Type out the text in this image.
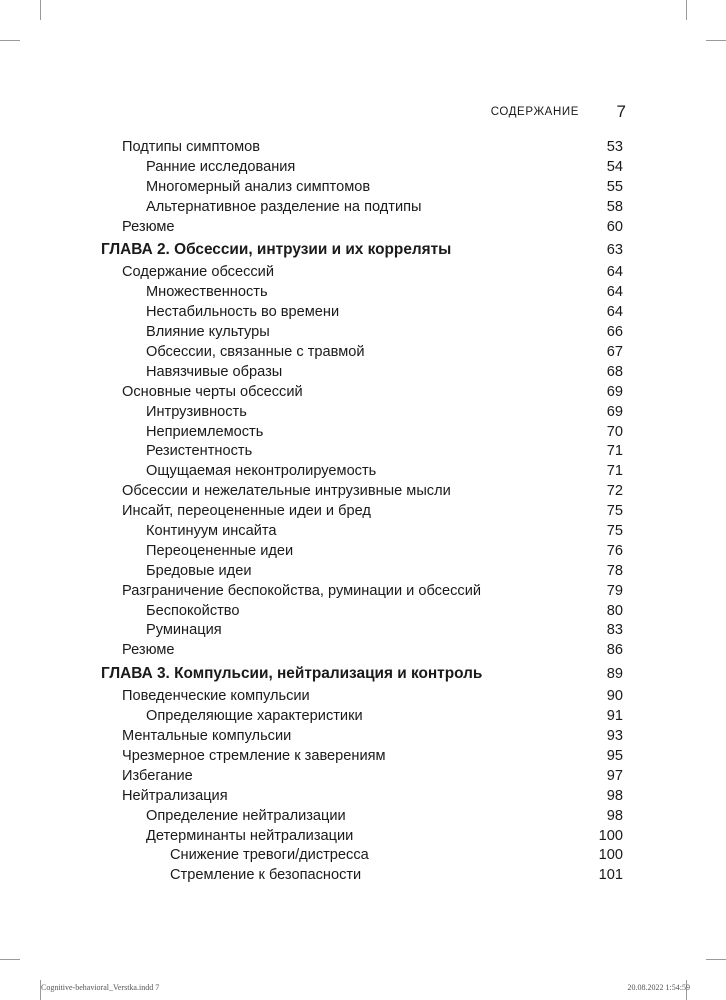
СОДЕРЖАНИЕ 7
Подтипы симптомов	53
Ранние исследования	54
Многомерный анализ симптомов	55
Альтернативное разделение на подтипы	58
Резюме	60
ГЛАВА 2. Обсессии, интрузии и их корреляты	63
Содержание обсессий	64
Множественность	64
Нестабильность во времени	64
Влияние культуры	66
Обсессии, связанные с травмой	67
Навязчивые образы	68
Основные черты обсессий	69
Интрузивность	69
Неприемлемость	70
Резистентность	71
Ощущаемая неконтролируемость	71
Обсессии и нежелательные интрузивные мысли	72
Инсайт, переоцененные идеи и бред	75
Континуум инсайта	75
Переоцененные идеи	76
Бредовые идеи	78
Разграничение беспокойства, руминации и обсессий	79
Беспокойство	80
Руминация	83
Резюме	86
ГЛАВА 3. Компульсии, нейтрализация и контроль	89
Поведенческие компульсии	90
Определяющие характеристики	91
Ментальные компульсии	93
Чрезмерное стремление к заверениям	95
Избегание	97
Нейтрализация	98
Определение нейтрализации	98
Детерминанты нейтрализации	100
Снижение тревоги/дистресса	100
Стремление к безопасности	101
Cognitive-behavioral_Verstka.indd 7	20.08.2022 1:54:59
